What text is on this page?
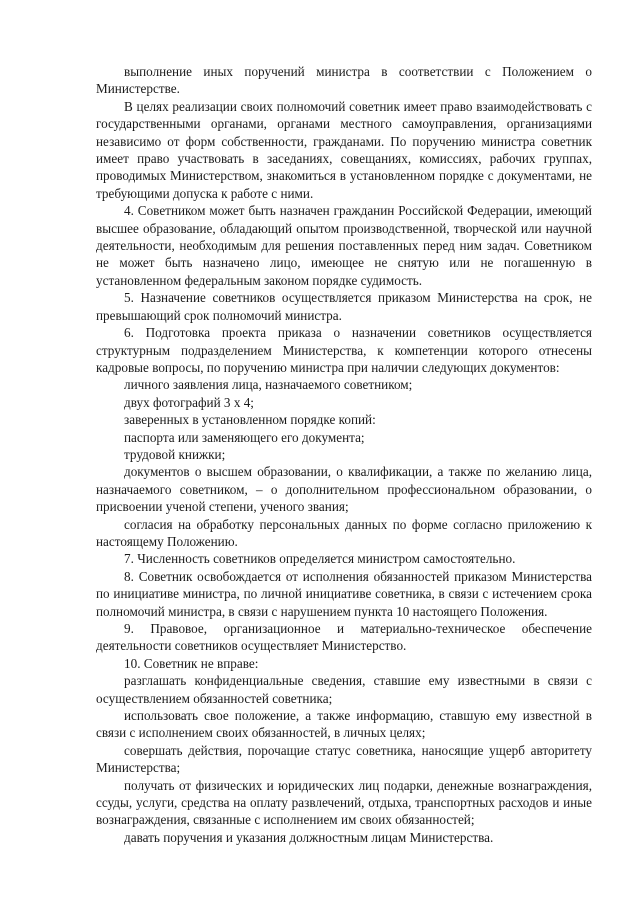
выполнение иных поручений министра в соответствии с Положением о Министерстве.

В целях реализации своих полномочий советник имеет право взаимодействовать с государственными органами, органами местного самоуправления, организациями независимо от форм собственности, гражданами. По поручению министра советник имеет право участвовать в заседаниях, совещаниях, комиссиях, рабочих группах, проводимых Министерством, знакомиться в установленном порядке с документами, не требующими допуска к работе с ними.

4. Советником может быть назначен гражданин Российской Федерации, имеющий высшее образование, обладающий опытом производственной, творческой или научной деятельности, необходимым для решения поставленных перед ним задач. Советником не может быть назначено лицо, имеющее не снятую или не погашенную в установленном федеральным законом порядке судимость.

5. Назначение советников осуществляется приказом Министерства на срок, не превышающий срок полномочий министра.

6. Подготовка проекта приказа о назначении советников осуществляется структурным подразделением Министерства, к компетенции которого отнесены кадровые вопросы, по поручению министра при наличии следующих документов:

личного заявления лица, назначаемого советником;

двух фотографий 3 х 4;

заверенных в установленном порядке копий:

паспорта или заменяющего его документа;

трудовой книжки;

документов о высшем образовании, о квалификации, а также по желанию лица, назначаемого советником, – о дополнительном профессиональном образовании, о присвоении ученой степени, ученого звания;

согласия на обработку персональных данных по форме согласно приложению к настоящему Положению.

7. Численность советников определяется министром самостоятельно.

8. Советник освобождается от исполнения обязанностей приказом Министерства по инициативе министра, по личной инициативе советника, в связи с истечением срока полномочий министра, в связи с нарушением пункта 10 настоящего Положения.

9. Правовое, организационное и материально-техническое обеспечение деятельности советников осуществляет Министерство.

10. Советник не вправе:

разглашать конфиденциальные сведения, ставшие ему известными в связи с осуществлением обязанностей советника;

использовать свое положение, а также информацию, ставшую ему известной в связи с исполнением своих обязанностей, в личных целях;

совершать действия, порочащие статус советника, наносящие ущерб авторитету Министерства;

получать от физических и юридических лиц подарки, денежные вознаграждения, ссуды, услуги, средства на оплату развлечений, отдыха, транспортных расходов и иные вознаграждения, связанные с исполнением им своих обязанностей;

давать поручения и указания должностным лицам Министерства.
